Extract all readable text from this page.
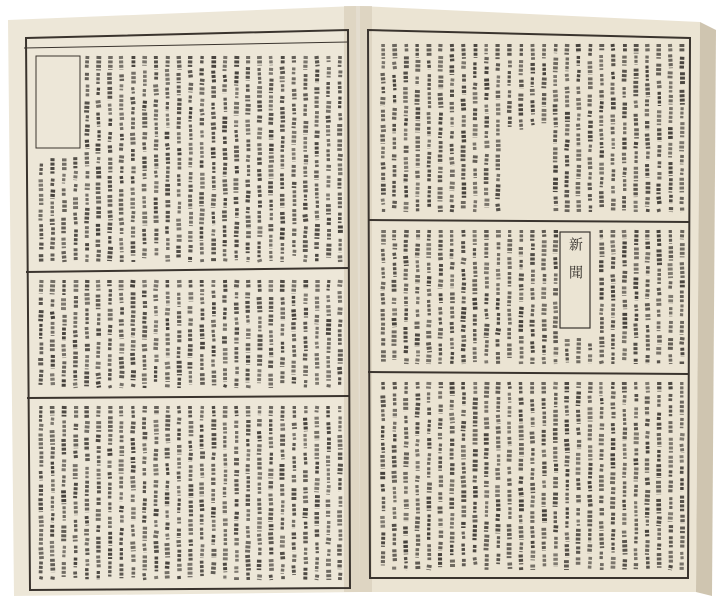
新　聞
